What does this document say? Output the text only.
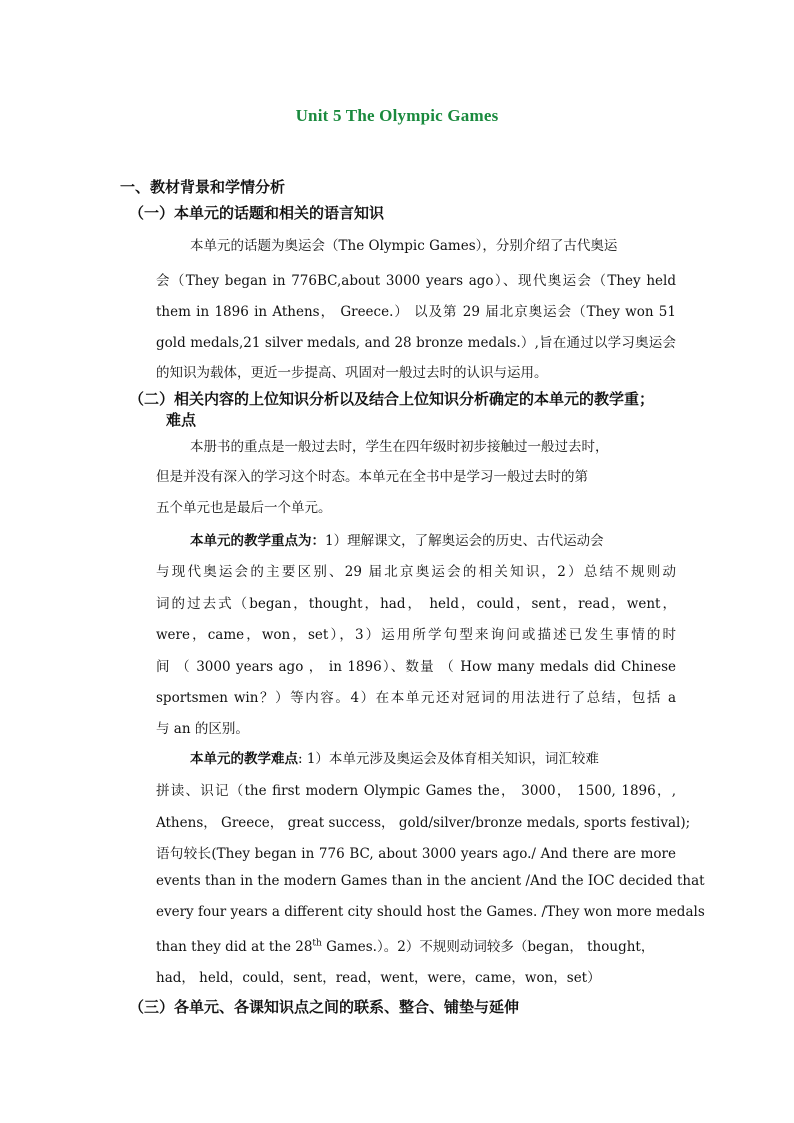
Unit 5 The Olympic Games
一、教材背景和学情分析
（一）本单元的话题和相关的语言知识
本单元的话题为奥运会（The Olympic Games），分别介绍了古代奥运
会（They began in 776BC,about 3000 years ago）、现代奥运会（They held
them in 1896 in Athens， Greece.） 以及第 29 届北京奥运会（They won 51
gold medals,21 silver medals, and 28 bronze medals.）,旨在通过以学习奥运会
的知识为载体，更近一步提高、巩固对一般过去时的认识与运用。
（二）相关内容的上位知识分析以及结合上位知识分析确定的本单元的教学重；
难点
本册书的重点是一般过去时，学生在四年级时初步接触过一般过去时，
但是并没有深入的学习这个时态。本单元在全书中是学习一般过去时的第
五个单元也是最后一个单元。
本单元的教学重点为：1）理解课文，了解奥运会的历史、古代运动会
与现代奥运会的主要区别、29 届北京奥运会的相关知识，2）总结不规则动
词的过去式（began，thought，had， held，could，sent，read，went，
were，came，won，set），3）运用所学句型来询问或描述已发生事情的时
间 （ 3000 years ago ， in 1896）、数量 （ How many medals did Chinese
sportsmen win？）等内容。4）在本单元还对冠词的用法进行了总结，包括 a
与 an 的区别。
本单元的教学难点: 1）本单元涉及奥运会及体育相关知识，词汇较难
拼读、识记（the first modern Olympic Games the， 3000， 1500, 1896，,
Athens， Greece， great success， gold/silver/bronze medals, sports festival);
语句较长(They began in 776 BC, about 3000 years ago./ And there are more
events than in the modern Games than in the ancient /And the IOC decided that
every four years a different city should host the Games. /They won more medals
than they did at the 28th Games.）。2）不规则动词较多（began， thought，
had， held，could，sent，read，went，were，came，won，set）
（三）各单元、各课知识点之间的联系、整合、铺垫与延伸
